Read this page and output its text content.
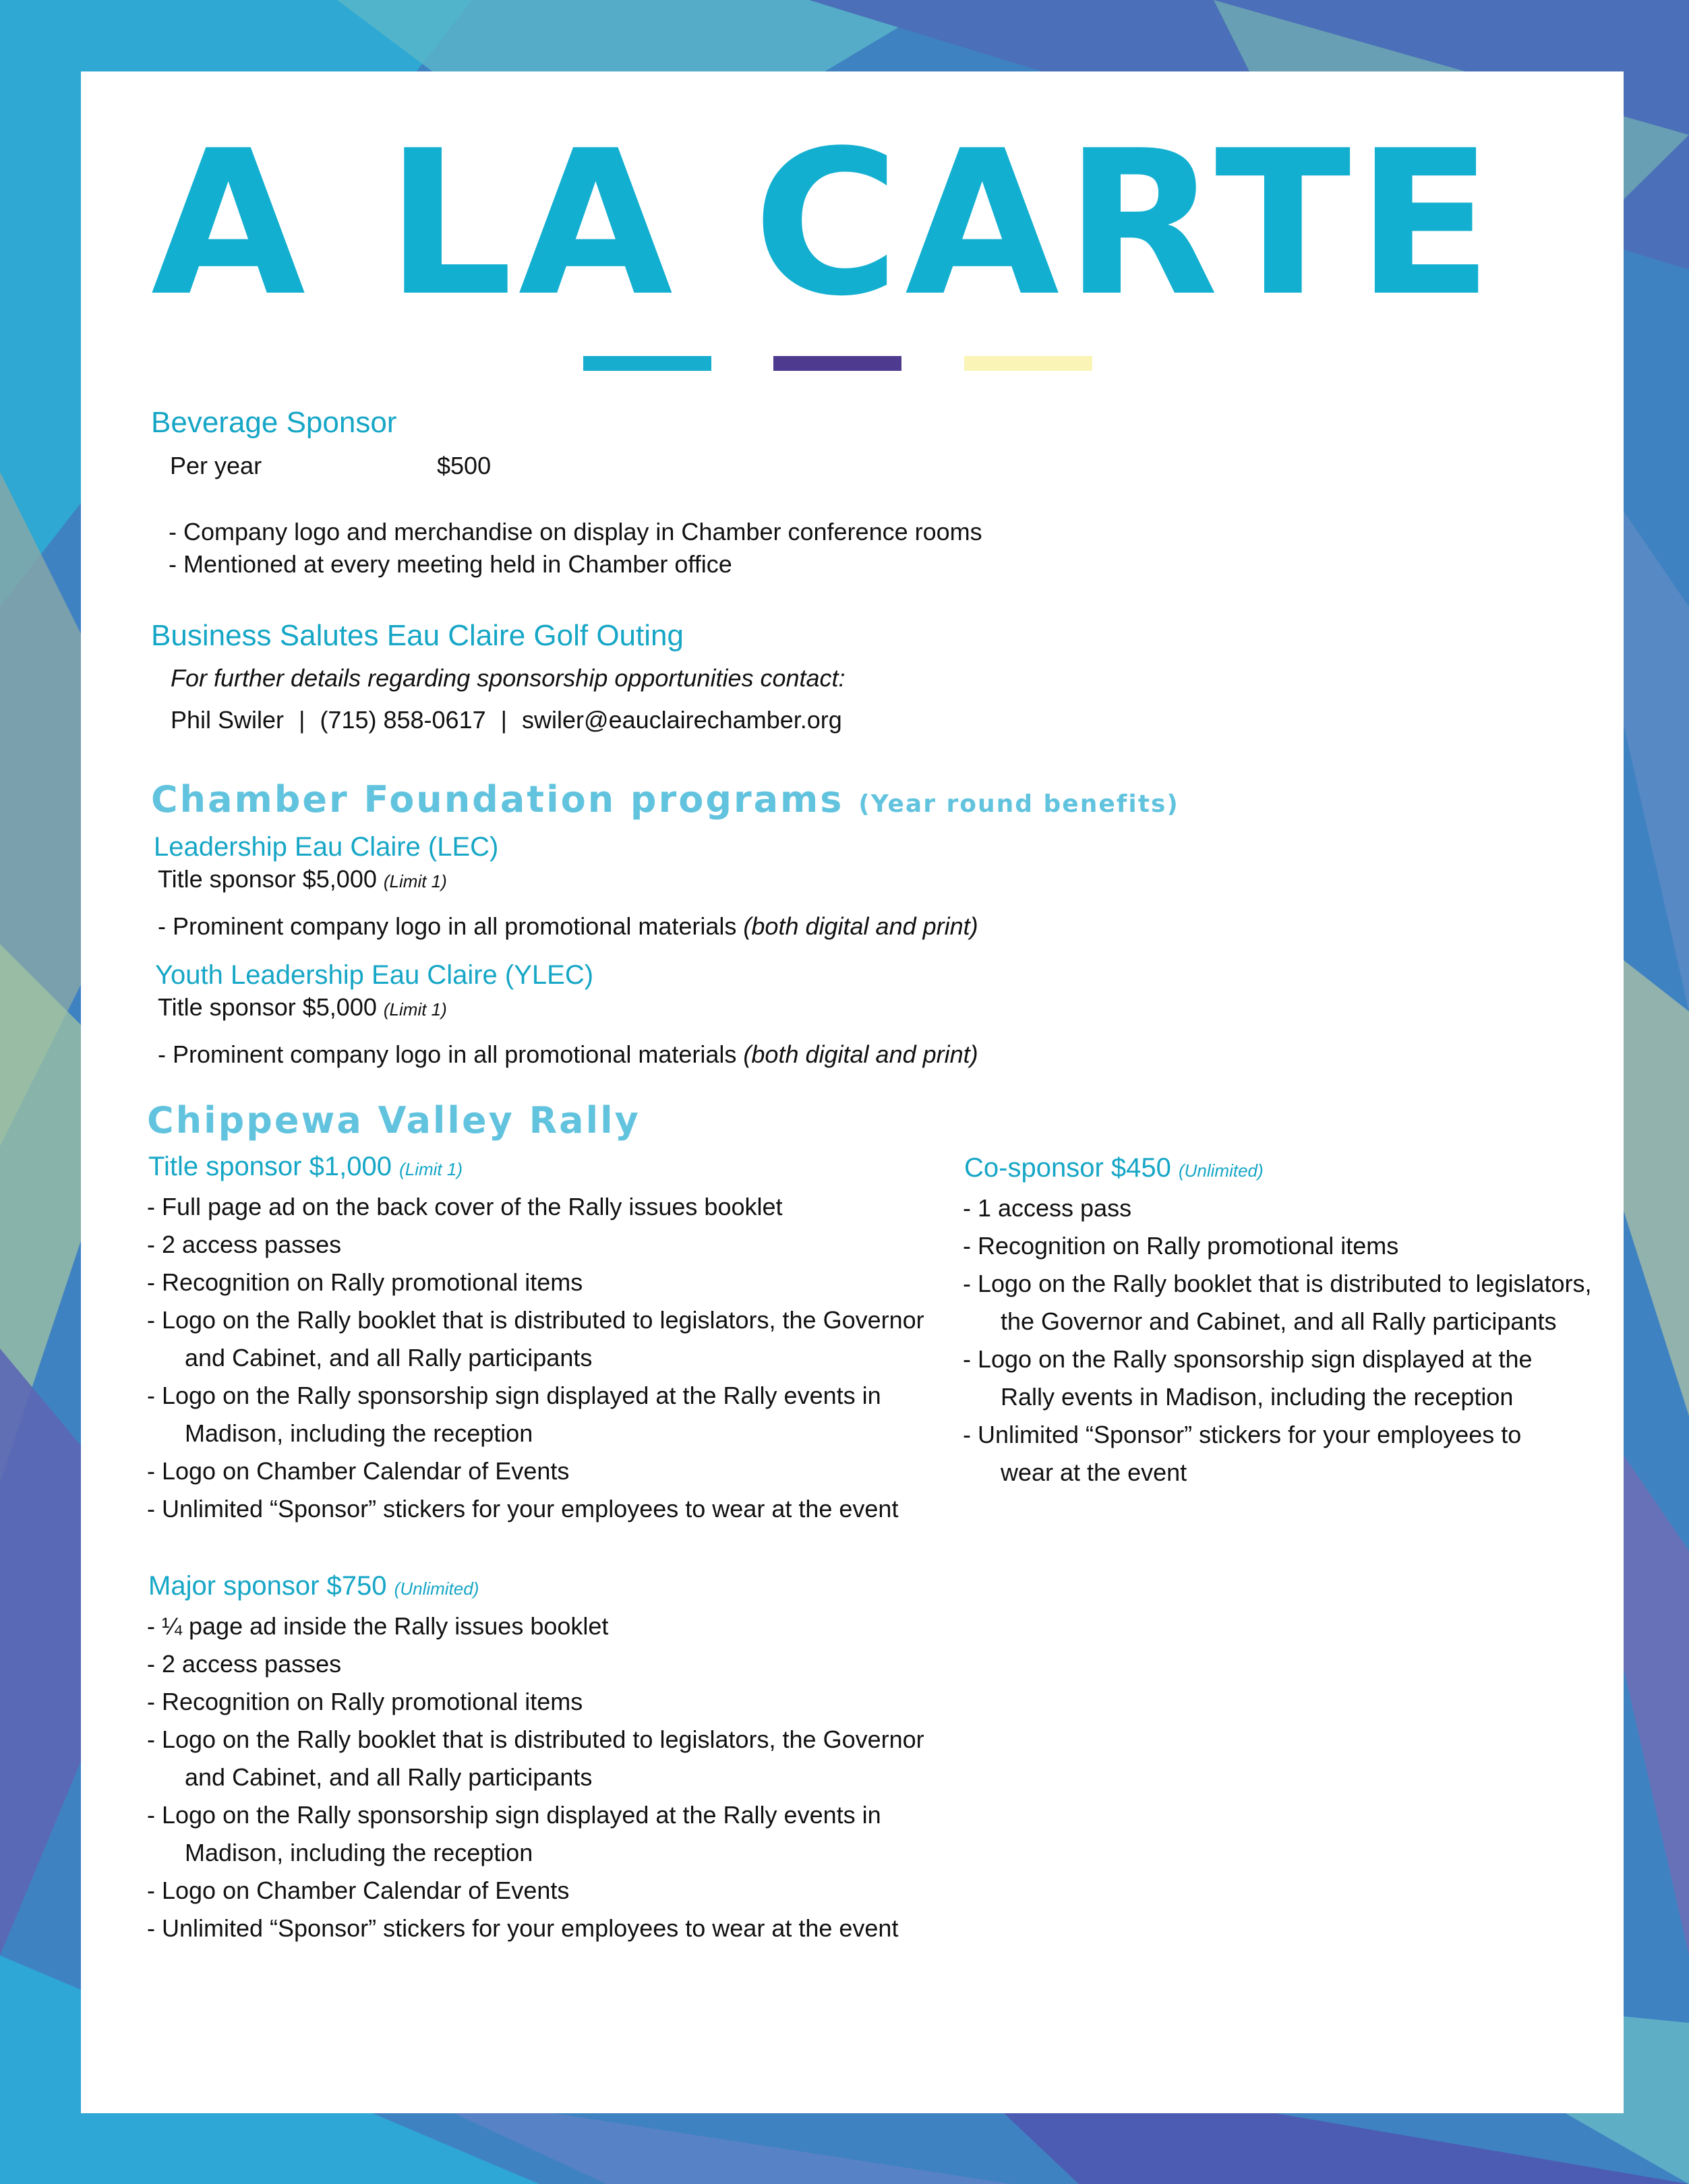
A LA CARTE
Beverage Sponsor
Per year	$500
- Company logo and merchandise on display in Chamber conference rooms
- Mentioned at every meeting held in Chamber office
Business Salutes Eau Claire Golf Outing
For further details regarding sponsorship opportunities contact:
Phil Swiler | (715) 858-0617 | swiler@eauclairechamber.org
Chamber Foundation programs (Year round benefits)
Leadership Eau Claire (LEC)
Title sponsor $5,000 (Limit 1)
- Prominent company logo in all promotional materials (both digital and print)
Youth Leadership Eau Claire (YLEC)
Title sponsor $5,000 (Limit 1)
- Prominent company logo in all promotional materials (both digital and print)
Chippewa Valley Rally
Title sponsor $1,000 (Limit 1)
- Full page ad on the back cover of the Rally issues booklet
- 2 access passes
- Recognition on Rally promotional items
- Logo on the Rally booklet that is distributed to legislators, the Governor
and Cabinet, and all Rally participants
- Logo on the Rally sponsorship sign displayed at the Rally events in
Madison, including the reception
- Logo on Chamber Calendar of Events
- Unlimited “Sponsor” stickers for your employees to wear at the event
Major sponsor $750 (Unlimited)
- ¼ page ad inside the Rally issues booklet
- 2 access passes
- Recognition on Rally promotional items
- Logo on the Rally booklet that is distributed to legislators, the Governor
and Cabinet, and all Rally participants
- Logo on the Rally sponsorship sign displayed at the Rally events in
Madison, including the reception
- Logo on Chamber Calendar of Events
- Unlimited “Sponsor” stickers for your employees to wear at the event
Co-sponsor $450 (Unlimited)
- 1 access pass
- Recognition on Rally promotional items
- Logo on the Rally booklet that is distributed to legislators,
the Governor and Cabinet, and all Rally participants
- Logo on the Rally sponsorship sign displayed at the
Rally events in Madison, including the reception
- Unlimited “Sponsor” stickers for your employees to
wear at the event
